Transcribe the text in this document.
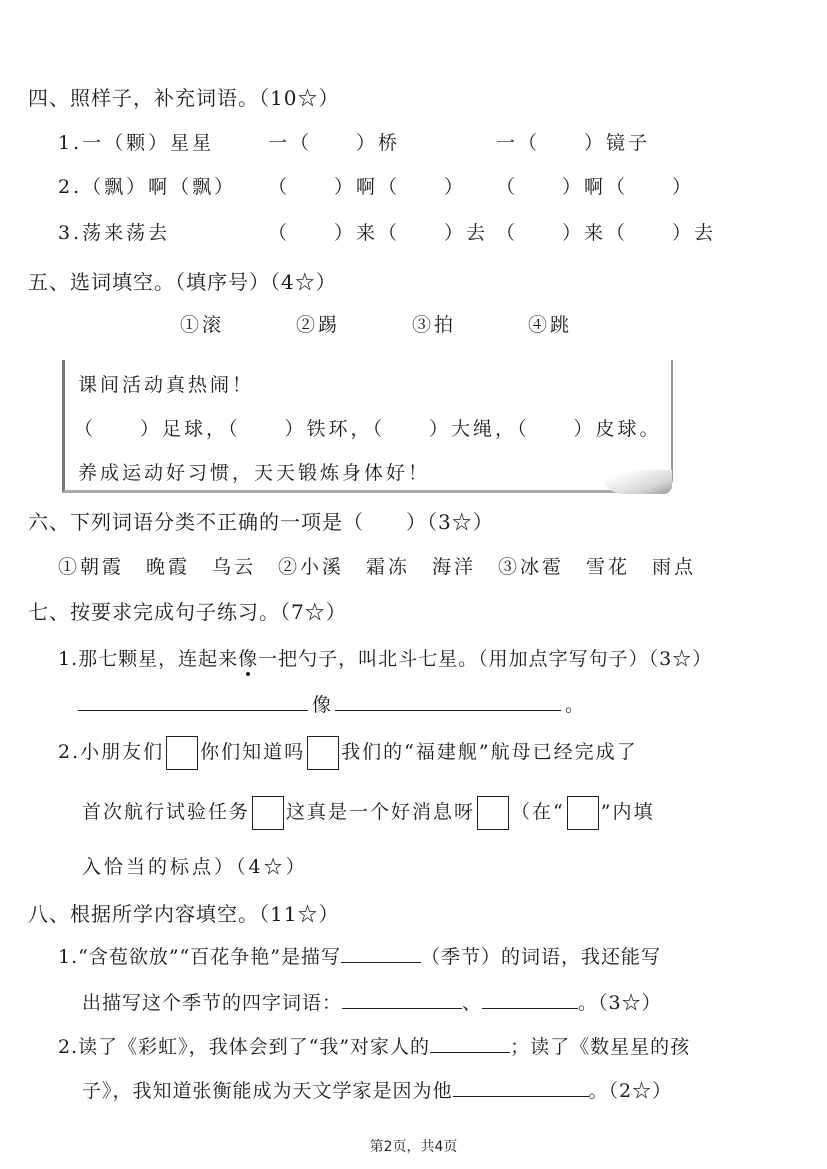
四、照样子，补充词语。（10☆）
1.一（颗）星星	一（　　）桥	一（　　）镜子
2.（飘）啊（飘） （　　）啊（　　） （　　）啊（　　）
3.荡来荡去	（　　）来（　　）去 （　　）来（　　）去
五、选词填空。（填序号）（4☆）
①滚	②踢	③拍	④跳
课间活动真热闹！
（　　）足球，（　　）铁环，（　　）大绳，（　　）皮球。
养成运动好习惯，天天锻炼身体好！
六、下列词语分类不正确的一项是（　　）（3☆）
①朝霞　晚霞　乌云　②小溪　霜冻　海洋　③冰雹　雪花　雨点
七、按要求完成句子练习。（7☆）
1.那七颗星，连起来像一把勺子，叫北斗七星。（用加点字写句子）（3☆）
像	。
2.小朋友们 你们知道吗 我们的“福建舰”航母已经完成了
首次航行试验任务 这真是一个好消息呀 （在“ ”内填
入恰当的标点）（4☆）
八、根据所学内容填空。（11☆）
1.“含苞欲放”“百花争艳”是描写	（季节）的词语，我还能写
出描写这个季节的四字词语：	、	。（3☆）
2.读了《彩虹》，我体会到了“我”对家人的	；读了《数星星的孩
子》，我知道张衡能成为天文学家是因为他	。（2☆）
第2页，共4页
